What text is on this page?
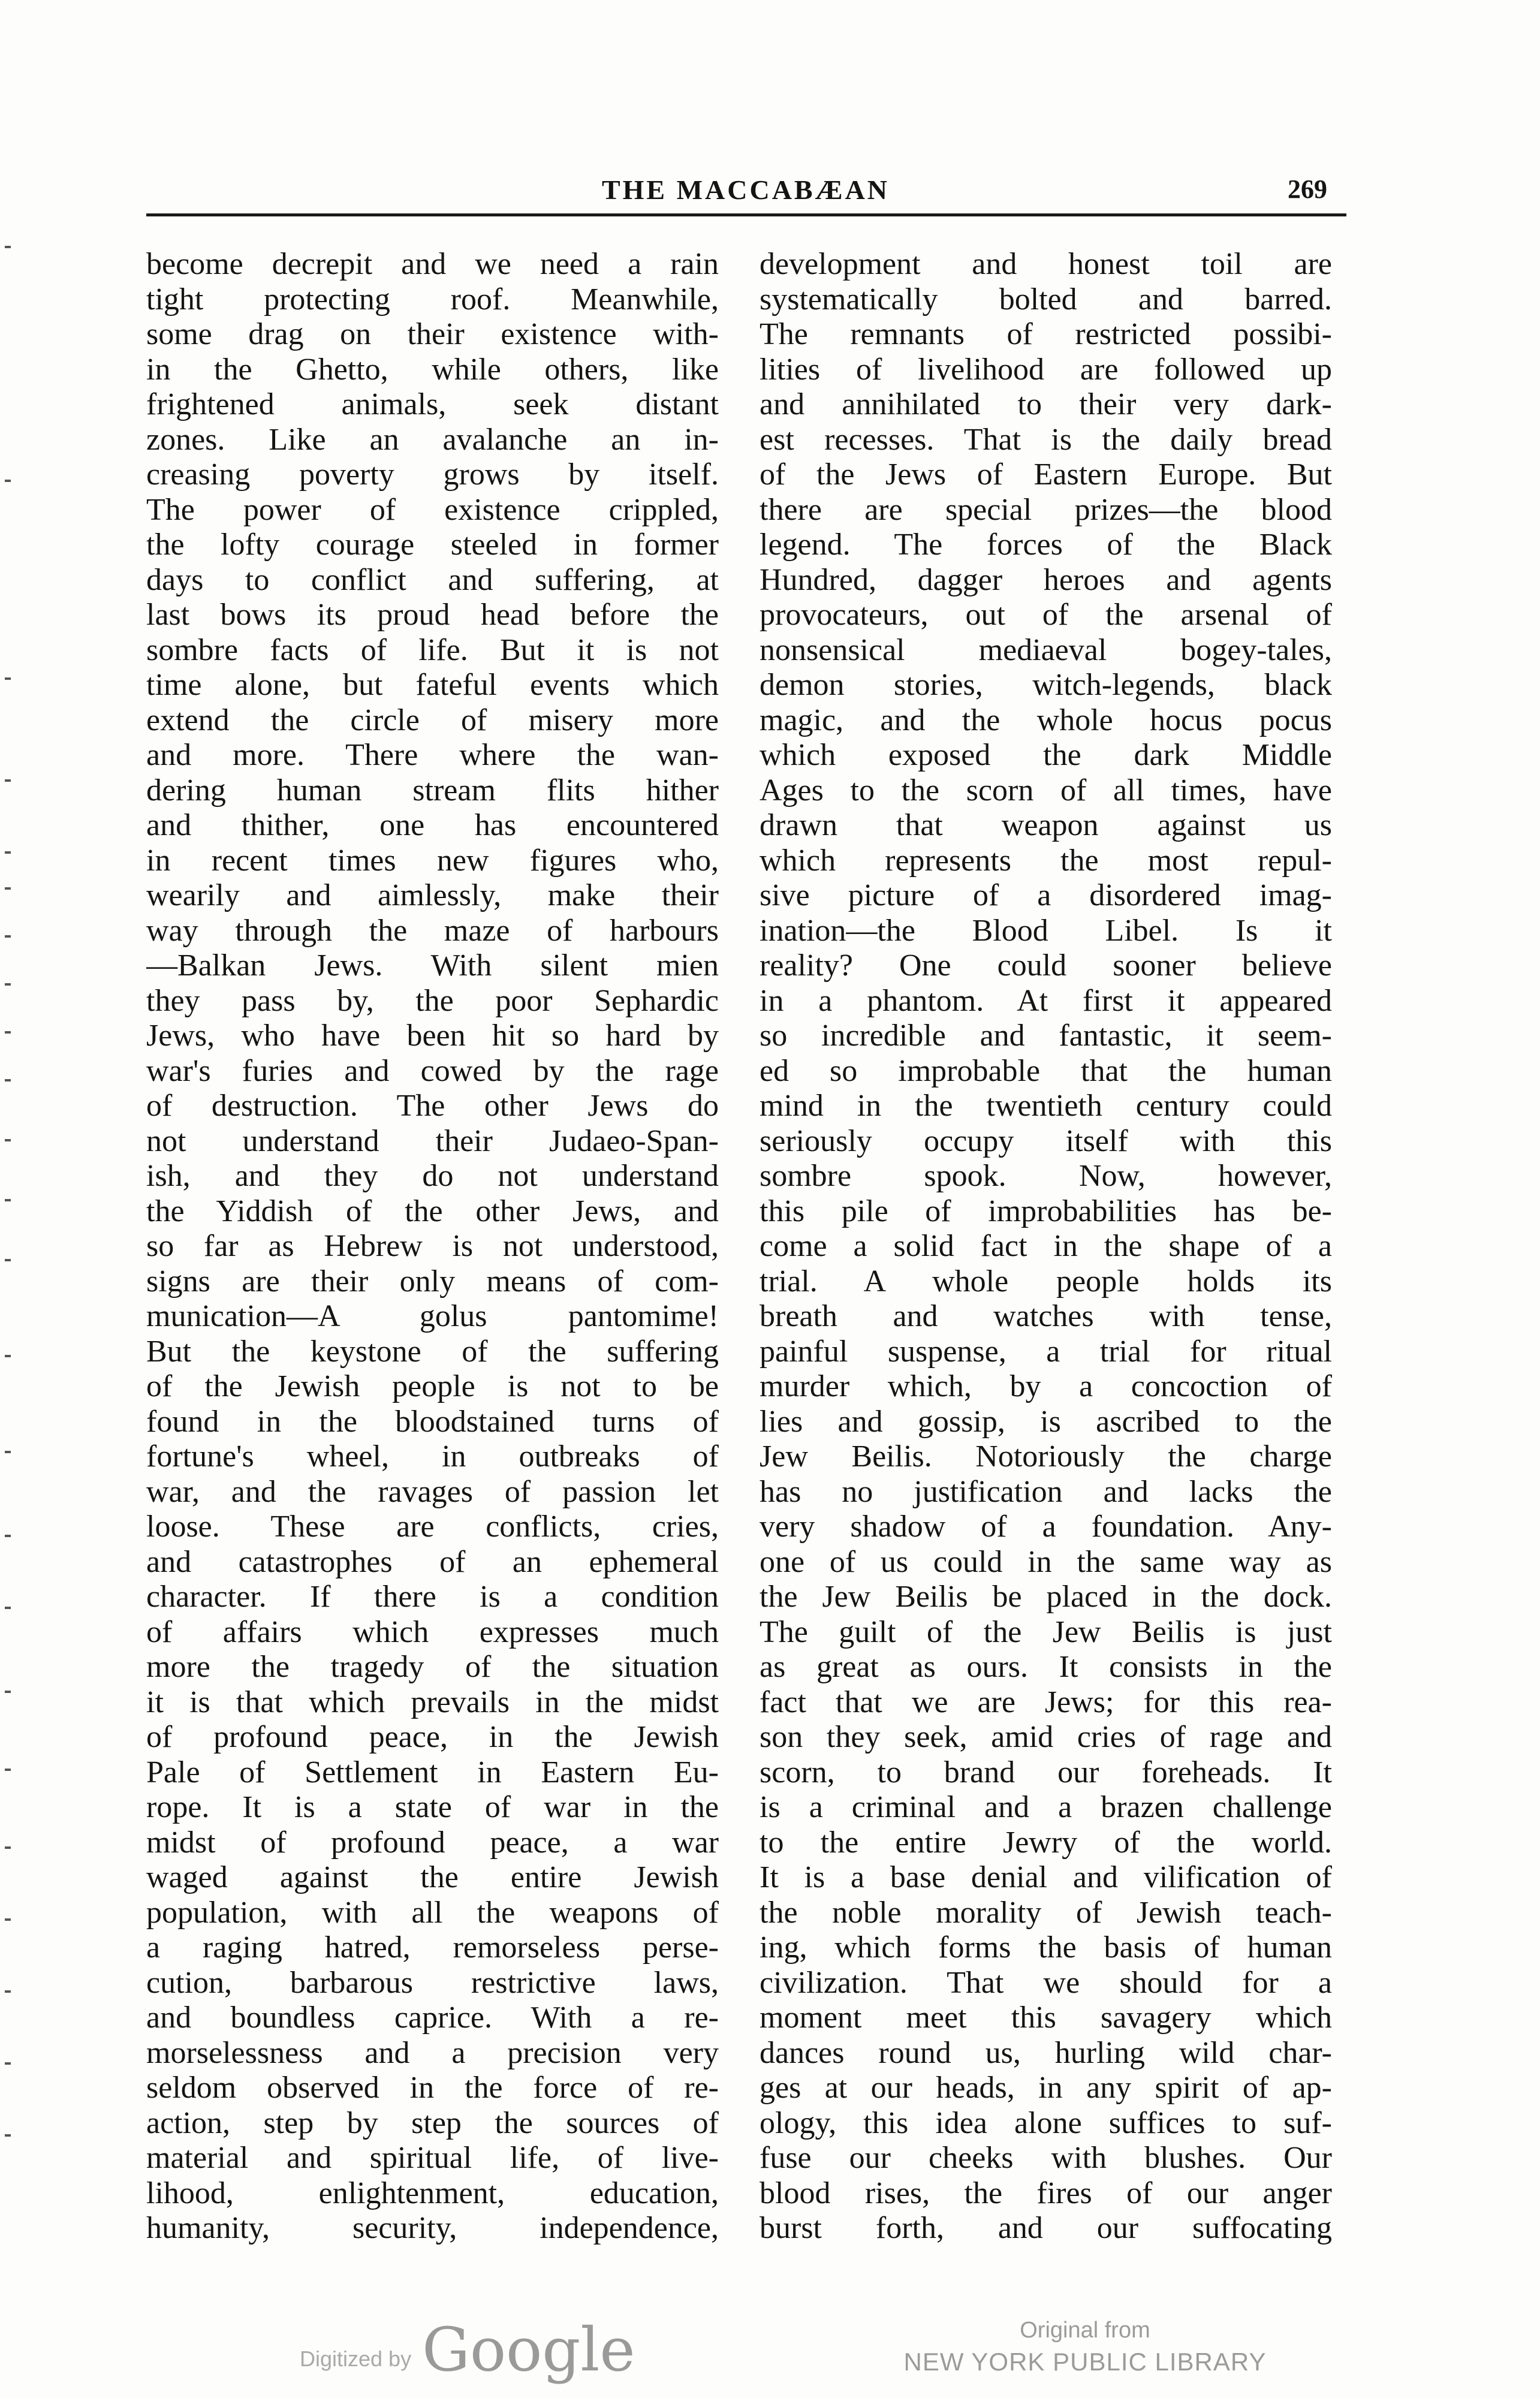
THE MACCABÆAN	269
become decrepit and we need a rain
tight protecting roof. Meanwhile,
some drag on their existence with-
in the Ghetto, while others, like
frightened animals, seek distant
zones. Like an avalanche an in-
creasing poverty grows by itself.
The power of existence crippled,
the lofty courage steeled in former
days to conflict and suffering, at
last bows its proud head before the
sombre facts of life. But it is not
time alone, but fateful events which
extend the circle of misery more
and more. There where the wan-
dering human stream flits hither
and thither, one has encountered
in recent times new figures who,
wearily and aimlessly, make their
way through the maze of harbours
—Balkan Jews. With silent mien
they pass by, the poor Sephardic
Jews, who have been hit so hard by
war's furies and cowed by the rage
of destruction. The other Jews do
not understand their Judaeo-Span-
ish, and they do not understand
the Yiddish of the other Jews, and
so far as Hebrew is not understood,
signs are their only means of com-
munication—A golus pantomime!
But the keystone of the suffering
of the Jewish people is not to be
found in the bloodstained turns of
fortune's wheel, in outbreaks of
war, and the ravages of passion let
loose. These are conflicts, cries,
and catastrophes of an ephemeral
character. If there is a condition
of affairs which expresses much
more the tragedy of the situation
it is that which prevails in the midst
of profound peace, in the Jewish
Pale of Settlement in Eastern Eu-
rope. It is a state of war in the
midst of profound peace, a war
waged against the entire Jewish
population, with all the weapons of
a raging hatred, remorseless perse-
cution, barbarous restrictive laws,
and boundless caprice. With a re-
morselessness and a precision very
seldom observed in the force of re-
action, step by step the sources of
material and spiritual life, of live-
lihood, enlightenment, education,
humanity, security, independence,
development and honest toil are
systematically bolted and barred.
The remnants of restricted possibi-
lities of livelihood are followed up
and annihilated to their very dark-
est recesses. That is the daily bread
of the Jews of Eastern Europe. But
there are special prizes—the blood
legend. The forces of the Black
Hundred, dagger heroes and agents
provocateurs, out of the arsenal of
nonsensical mediaeval bogey-tales,
demon stories, witch-legends, black
magic, and the whole hocus pocus
which exposed the dark Middle
Ages to the scorn of all times, have
drawn that weapon against us
which represents the most repul-
sive picture of a disordered imag-
ination—the Blood Libel. Is it
reality? One could sooner believe
in a phantom. At first it appeared
so incredible and fantastic, it seem-
ed so improbable that the human
mind in the twentieth century could
seriously occupy itself with this
sombre spook. Now, however,
this pile of improbabilities has be-
come a solid fact in the shape of a
trial. A whole people holds its
breath and watches with tense,
painful suspense, a trial for ritual
murder which, by a concoction of
lies and gossip, is ascribed to the
Jew Beilis. Notoriously the charge
has no justification and lacks the
very shadow of a foundation. Any-
one of us could in the same way as
the Jew Beilis be placed in the dock.
The guilt of the Jew Beilis is just
as great as ours. It consists in the
fact that we are Jews; for this rea-
son they seek, amid cries of rage and
scorn, to brand our foreheads. It
is a criminal and a brazen challenge
to the entire Jewry of the world.
It is a base denial and vilification of
the noble morality of Jewish teach-
ing, which forms the basis of human
civilization. That we should for a
moment meet this savagery which
dances round us, hurling wild char-
ges at our heads, in any spirit of ap-
ology, this idea alone suffices to suf-
fuse our cheeks with blushes. Our
blood rises, the fires of our anger
burst forth, and our suffocating
Digitized by Google	Original from
NEW YORK PUBLIC LIBRARY
